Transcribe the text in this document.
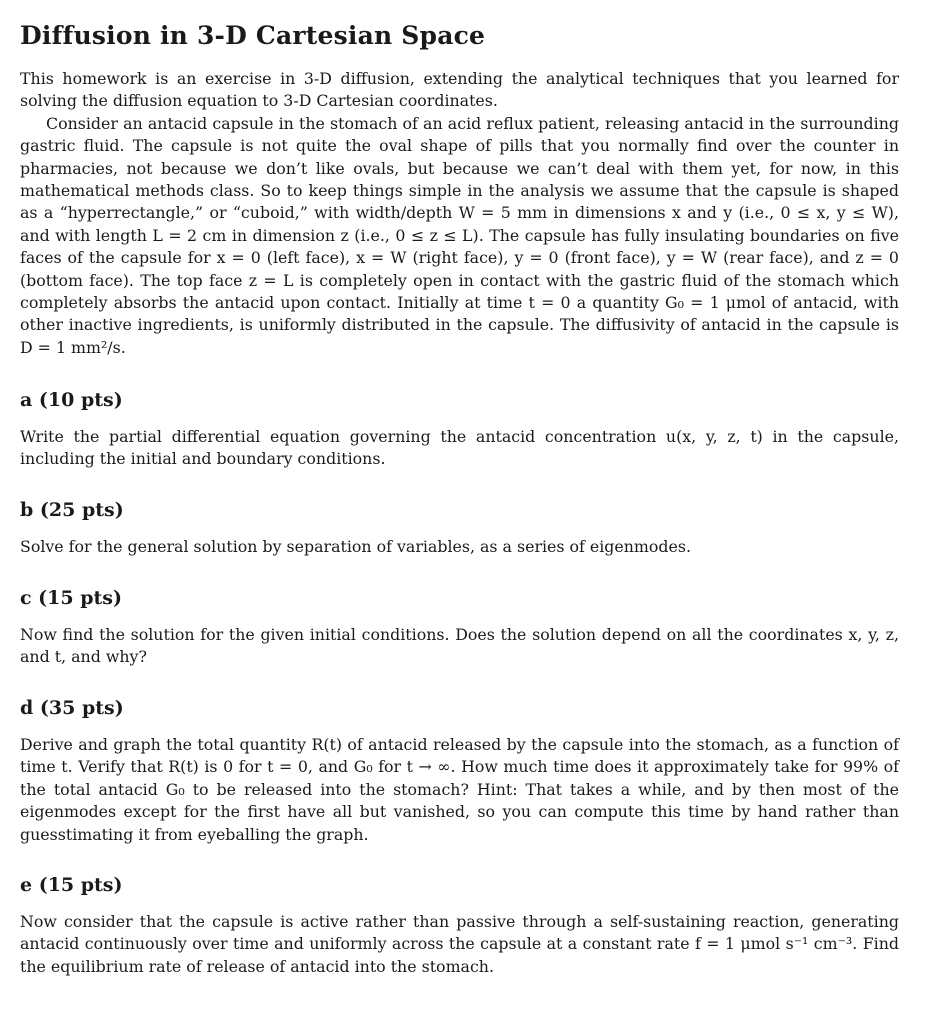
Diffusion in 3-D Cartesian Space

This homework is an exercise in 3-D diffusion, extending the analytical techniques that you learned for solving the diffusion equation to 3-D Cartesian coordinates.

Consider an antacid capsule in the stomach of an acid reflux patient, releasing antacid in the surrounding gastric fluid. The capsule is not quite the oval shape of pills that you normally find over the counter in pharmacies, not because we don’t like ovals, but because we can’t deal with them yet, for now, in this mathematical methods class. So to keep things simple in the analysis we assume that the capsule is shaped as a “hyperrectangle,” or “cuboid,” with width/depth W = 5 mm in dimensions x and y (i.e., 0 ≤ x, y ≤ W), and with length L = 2 cm in dimension z (i.e., 0 ≤ z ≤ L). The capsule has fully insulating boundaries on five faces of the capsule for x = 0 (left face), x = W (right face), y = 0 (front face), y = W (rear face), and z = 0 (bottom face). The top face z = L is completely open in contact with the gastric fluid of the stomach which completely absorbs the antacid upon contact. Initially at time t = 0 a quantity G₀ = 1 μmol of antacid, with other inactive ingredients, is uniformly distributed in the capsule. The diffusivity of antacid in the capsule is D = 1 mm²/s.

a (10 pts)

Write the partial differential equation governing the antacid concentration u(x, y, z, t) in the capsule, including the initial and boundary conditions.

b (25 pts)

Solve for the general solution by separation of variables, as a series of eigenmodes.

c (15 pts)

Now find the solution for the given initial conditions. Does the solution depend on all the coordinates x, y, z, and t, and why?

d (35 pts)

Derive and graph the total quantity R(t) of antacid released by the capsule into the stomach, as a function of time t. Verify that R(t) is 0 for t = 0, and G₀ for t → ∞. How much time does it approximately take for 99% of the total antacid G₀ to be released into the stomach? Hint: That takes a while, and by then most of the eigenmodes except for the first have all but vanished, so you can compute this time by hand rather than guesstimating it from eyeballing the graph.

e (15 pts)

Now consider that the capsule is active rather than passive through a self-sustaining reaction, generating antacid continuously over time and uniformly across the capsule at a constant rate f = 1 μmol s⁻¹ cm⁻³. Find the equilibrium rate of release of antacid into the stomach.
